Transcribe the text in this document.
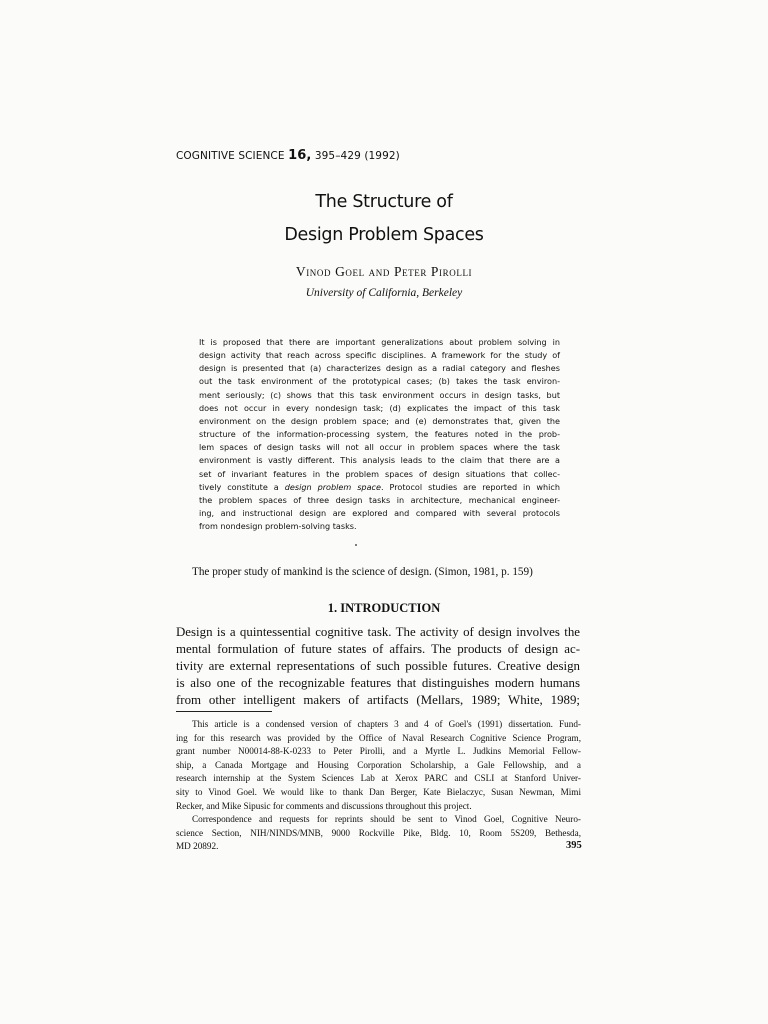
COGNITIVE SCIENCE 16, 395–429 (1992)
The Structure of
Design Problem Spaces
Vinod Goel and Peter Pirolli
University of California, Berkeley
It is proposed that there are important generalizations about problem solving in
design activity that reach across specific disciplines. A framework for the study of
design is presented that (a) characterizes design as a radial category and fleshes
out the task environment of the prototypical cases; (b) takes the task environ-
ment seriously; (c) shows that this task environment occurs in design tasks, but
does not occur in every nondesign task; (d) explicates the impact of this task
environment on the design problem space; and (e) demonstrates that, given the
structure of the information-processing system, the features noted in the prob-
lem spaces of design tasks will not all occur in problem spaces where the task
environment is vastly different. This analysis leads to the claim that there are a
set of invariant features in the problem spaces of design situations that collec-
tively constitute a design problem space. Protocol studies are reported in which
the problem spaces of three design tasks in architecture, mechanical engineer-
ing, and instructional design are explored and compared with several protocols
from nondesign problem-solving tasks.
The proper study of mankind is the science of design. (Simon, 1981, p. 159)
1. INTRODUCTION
Design is a quintessential cognitive task. The activity of design involves the
mental formulation of future states of affairs. The products of design ac-
tivity are external representations of such possible futures. Creative design
is also one of the recognizable features that distinguishes modern humans
from other intelligent makers of artifacts (Mellars, 1989; White, 1989;
This article is a condensed version of chapters 3 and 4 of Goel's (1991) dissertation. Fund-
ing for this research was provided by the Office of Naval Research Cognitive Science Program,
grant number N00014-88-K-0233 to Peter Pirolli, and a Myrtle L. Judkins Memorial Fellow-
ship, a Canada Mortgage and Housing Corporation Scholarship, a Gale Fellowship, and a
research internship at the System Sciences Lab at Xerox PARC and CSLI at Stanford Univer-
sity to Vinod Goel. We would like to thank Dan Berger, Kate Bielaczyc, Susan Newman, Mimi
Recker, and Mike Sipusic for comments and discussions throughout this project.
Correspondence and requests for reprints should be sent to Vinod Goel, Cognitive Neuro-
science Section, NIH/NINDS/MNB, 9000 Rockville Pike, Bldg. 10, Room 5S209, Bethesda,
MD 20892.	395
